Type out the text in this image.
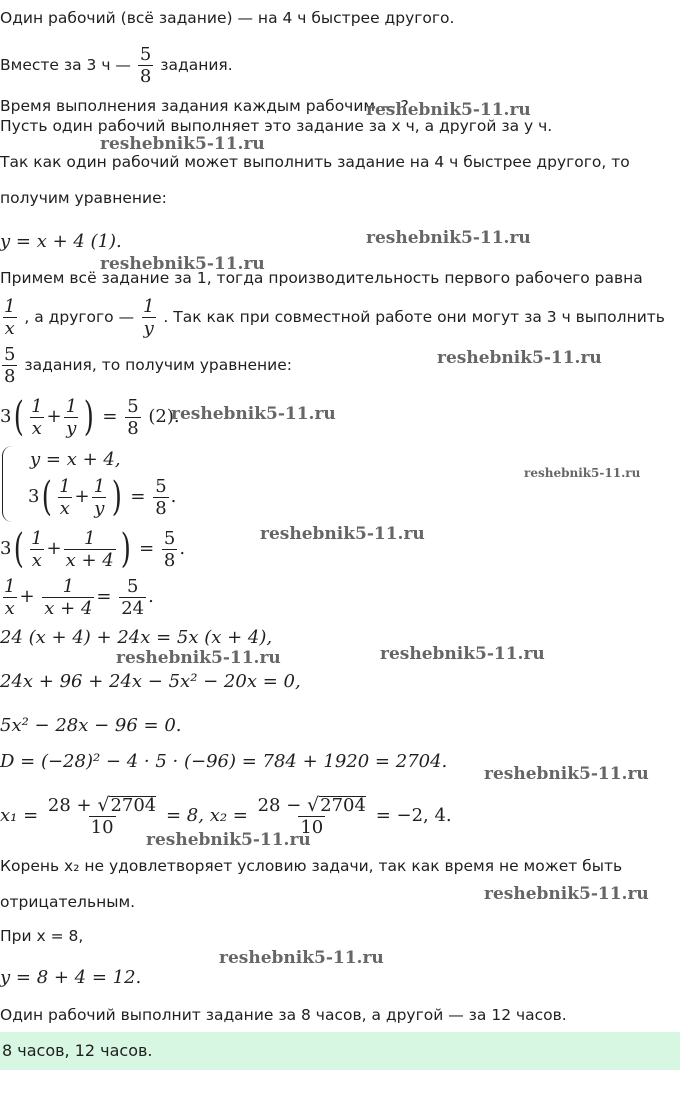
Один рабочий (всё задание) — на 4 ч быстрее другого.
Вместе за 3 ч — $\frac{5}{8}$ задания.
Время выполнения задания каждым рабочим — ?
Пусть один рабочий выполняет это задание за x ч, а другой за y ч.
Так как один рабочий может выполнить задание на 4 ч быстрее другого, то
получим уравнение:
y = x + 4 (1).
Примем всё задание за 1, тогда производительность первого рабочего равна
$\frac{1}{x}$ , а другого — $\frac{1}{y}$ . Так как при совместной работе они могут за 3 ч выполнить
$\frac{5}{8}$ задания, то получим уравнение:
$3( \frac{1}{x} + \frac{1}{y}$ ) = $\frac{5}{8} (2)$.
y = x + 4,
$3( \frac{1}{x} + \frac{1}{y}$ ) = $\frac{5}{8}$ .
$3( \frac{1}{x} + \frac{1}{x + 4}$ ) = $\frac{5}{8}$ .
$\frac{1}{x} + \frac{1}{x + 4} = \frac{5}{24}$ .
24 (x + 4) + 24x = 5x (x + 4),
24x + 96 + 24x − 5x² − 20x = 0,
5x² − 28x − 96 = 0.
D = (−28)² − 4 · 5 · (−96) = 784 + 1920 = 2704.
$x_1 = \frac{28 + √ 2704}{10} = 8$, $x_2 = \frac{28 - √ 2704}{10} = -2$, 4.
Корень x₂ не удовлетворяет условию задачи, так как время не может быть
отрицательным.
При x = 8,
y = 8 + 4 = 12.
Один рабочий выполнит задание за 8 часов, а другой — за 12 часов.
8 часов, 12 часов.
reshebnik5-11.ru
reshebnik5-11.ru
reshebnik5-11.ru
reshebnik5-11.ru
reshebnik5-11.ru
reshebnik5-11.ru
reshebnik5-11.ru
reshebnik5-11.ru
reshebnik5-11.ru
reshebnik5-11.ru
reshebnik5-11.ru
reshebnik5-11.ru
reshebnik5-11.ru
reshebnik5-11.ru
